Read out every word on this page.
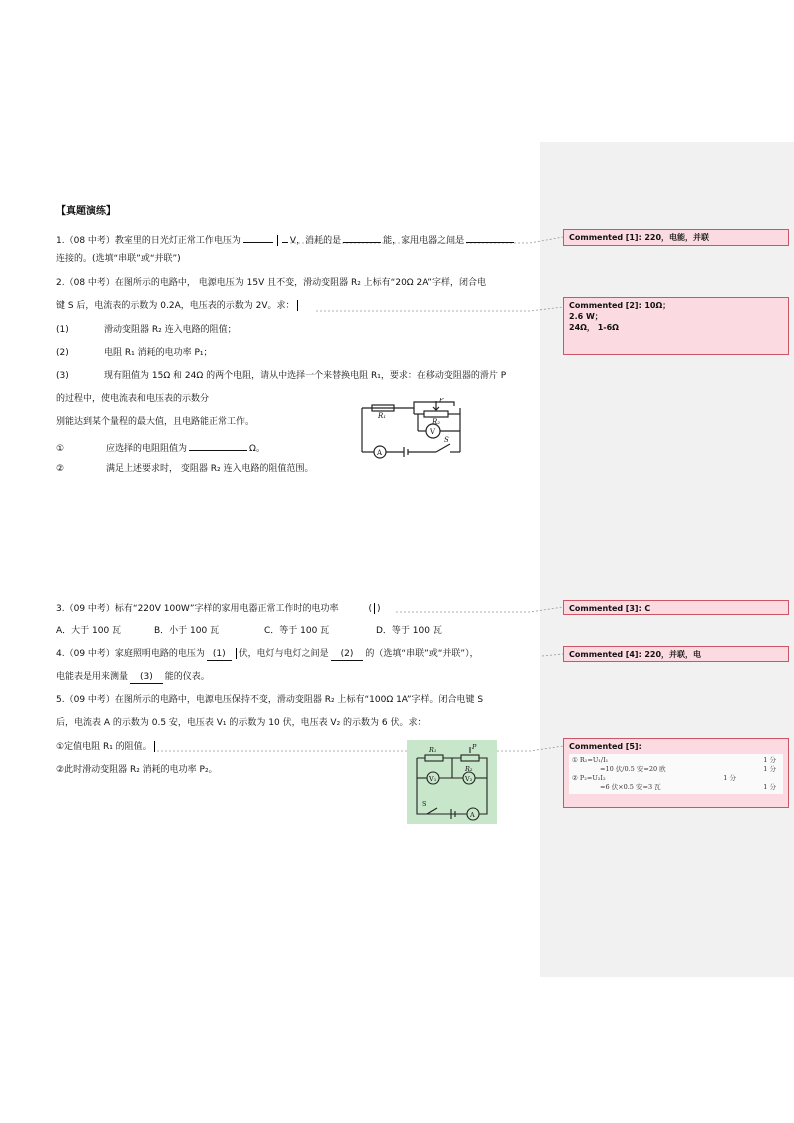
【真题演练】
1.（08 中考）教室里的日光灯正常工作电压为	V，消耗的是	能，家用电器之间是
连接的。(选填“串联”或“并联”)
2.（08 中考）在图所示的电路中， 电源电压为 15V 且不变，滑动变阻器 R₂ 上标有“20Ω 2A”字样，闭合电
键 S 后，电流表的示数为 0.2A，电压表的示数为 2V。求：
(1)	滑动变阻器 R₂ 连入电路的阻值；
(2)	电阻 R₁ 消耗的电功率 P₁；
(3)	现有阻值为 15Ω 和 24Ω 的两个电阻，请从中选择一个来替换电阻 R₁，要求：在移动变阻器的滑片 P
的过程中，使电流表和电压表的示数分
别能达到某个量程的最大值，且电路能正常工作。
①	应选择的电阻阻值为	Ω。
②	满足上述要求时， 变阻器 R₂ 连入电路的阻值范围。
R₁
R₂
P
V
A
S
3.（09 中考）标有“220V 100W”字样的家用电器正常工作时的电功率	( )
A．大于 100 瓦	B．小于 100 瓦	C．等于 100 瓦	D．等于 100 瓦
4.（09 中考）家庭照明电路的电压为 (1) 伏，电灯与电灯之间是 (2) 的（选填“串联”或“并联”），
电能表是用来测量 (3) 能的仪表。
5.（09 中考）在图所示的电路中，电源电压保持不变，滑动变阻器 R₂ 上标有“100Ω 1A”字样。闭合电键 S
后，电流表 A 的示数为 0.5 安，电压表 V₁ 的示数为 10 伏，电压表 V₂ 的示数为 6 伏。求：
①定值电阻 R₁ 的阻值。
②此时滑动变阻器 R₂ 消耗的电功率 P₂。
R₁
R₂
P
V₁	V₂
A
S
Commented [1]: 220，电能，并联
Commented [2]: 10Ω；
2.6 W；
24Ω， 1-6Ω
Commented [3]: C
Commented [4]: 220，并联，电
Commented [5]:
① R₁=U₁/I₁	1 分
=10 伏/0.5 安=20 欧	1 分
② P₂=U₂I₂	1 分
=6 伏×0.5 安=3 瓦	1 分
